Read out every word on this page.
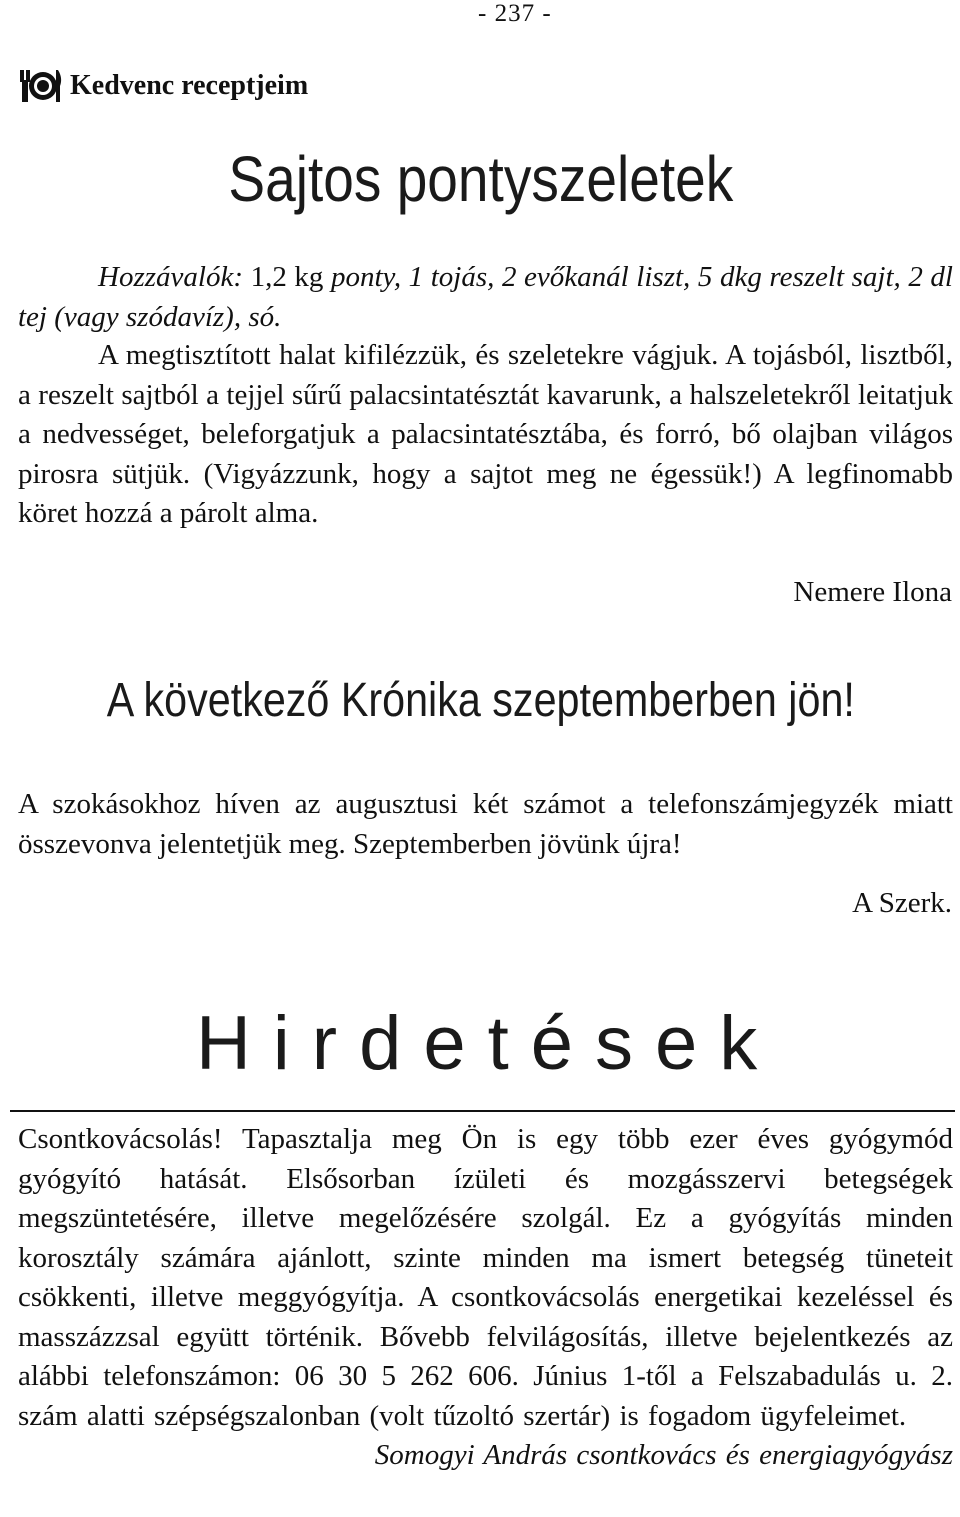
- 237 -
Kedvenc receptjeim
Sajtos pontyszeletek

Hozzávalók: 1,2 kg ponty, 1 tojás, 2 evőkanál liszt, 5 dkg reszelt sajt, 2 dl tej (vagy szódavíz), só.

A megtisztított halat kifilézzük, és szeletekre vágjuk. A tojásból, lisztből, a reszelt sajtból a tejjel sűrű palacsintatésztát kavarunk, a halszeletekről leitatjuk a nedvességet, beleforgatjuk a palacsintatésztába, és forró, bő olajban világos pirosra sütjük. (Vigyázzunk, hogy a sajtot meg ne égessük!) A legfinomabb köret hozzá a párolt alma.

Nemere Ilona
A következő Krónika szeptemberben jön!

A szokásokhoz híven az augusztusi két számot a telefonszámjegyzék miatt összevonva jelentetjük meg. Szeptemberben jövünk újra!

A Szerk.
Hirdetések

Csontkovácsolás! Tapasztalja meg Ön is egy több ezer éves gyógymód gyógyító hatását. Elsősorban ízületi és mozgásszervi betegségek megszüntetésére, illetve megelőzésére szolgál. Ez a gyógyítás minden korosztály számára ajánlott, szinte minden ma ismert betegség tüneteit csökkenti, illetve meggyógyítja. A csontkovácsolás energetikai kezeléssel és masszázzsal együtt történik. Bővebb felvilágosítás, illetve bejelentkezés az alábbi telefonszámon: 06 30 5 262 606. Június 1-től a Felszabadulás u. 2. szám alatti szépségszalonban (volt tűzoltó szertár) is fogadom ügyfeleimet.
Somogyi András csontkovács és energiagyógyász
